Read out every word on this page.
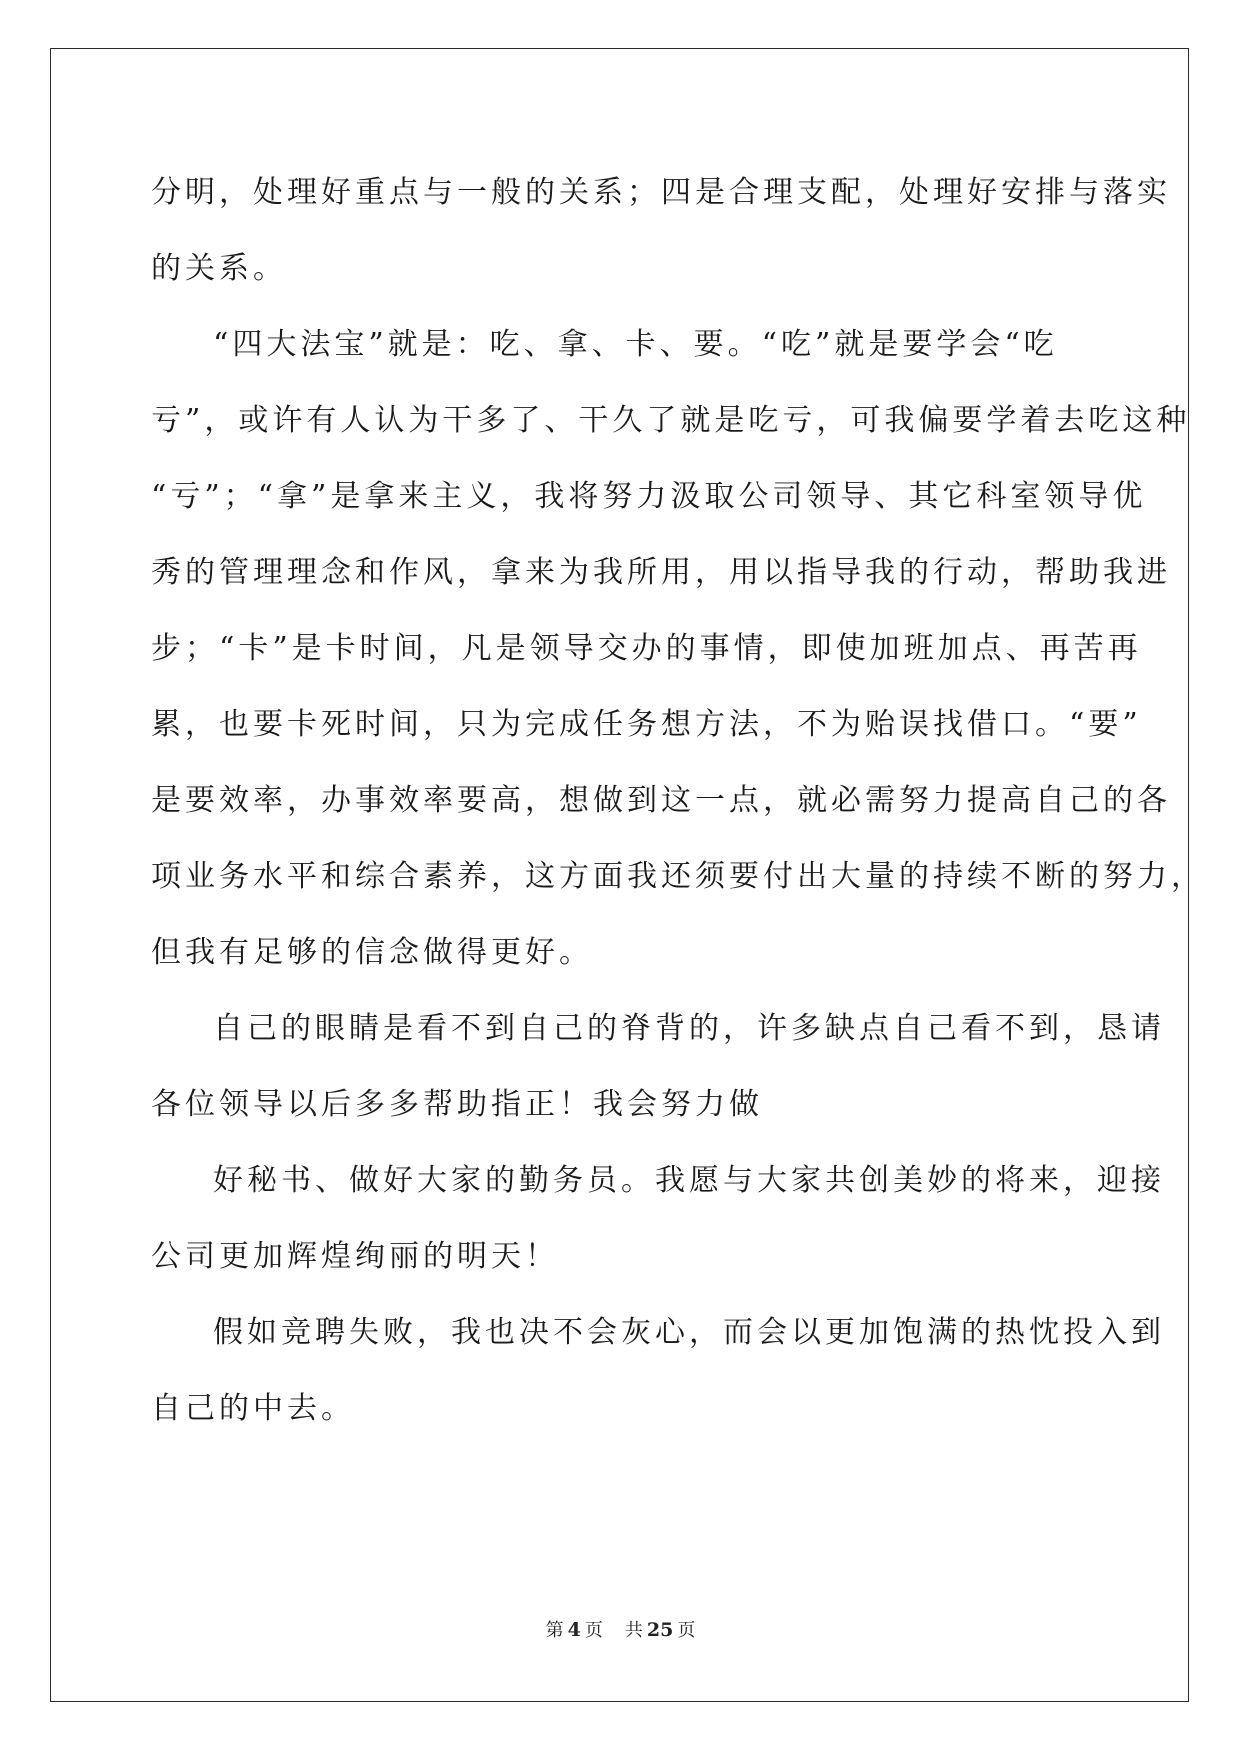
分明，处理好重点与一般的关系；四是合理支配，处理好安排与落实
的关系。
“四大法宝”就是：吃、拿、卡、要。“吃”就是要学会“吃
亏”，或许有人认为干多了、干久了就是吃亏，可我偏要学着去吃这种
“亏”；“拿”是拿来主义，我将努力汲取公司领导、其它科室领导优
秀的管理理念和作风，拿来为我所用，用以指导我的行动，帮助我进
步；“卡”是卡时间，凡是领导交办的事情，即使加班加点、再苦再
累，也要卡死时间，只为完成任务想方法，不为贻误找借口。“要”
是要效率，办事效率要高，想做到这一点，就必需努力提高自己的各
项业务水平和综合素养，这方面我还须要付出大量的持续不断的努力，
但我有足够的信念做得更好。
自己的眼睛是看不到自己的脊背的，许多缺点自己看不到，恳请
各位领导以后多多帮助指正！我会努力做
好秘书、做好大家的勤务员。我愿与大家共创美妙的将来，迎接
公司更加辉煌绚丽的明天！
假如竞聘失败，我也决不会灰心，而会以更加饱满的热忱投入到
自己的中去。
第 4 页 共 25 页
